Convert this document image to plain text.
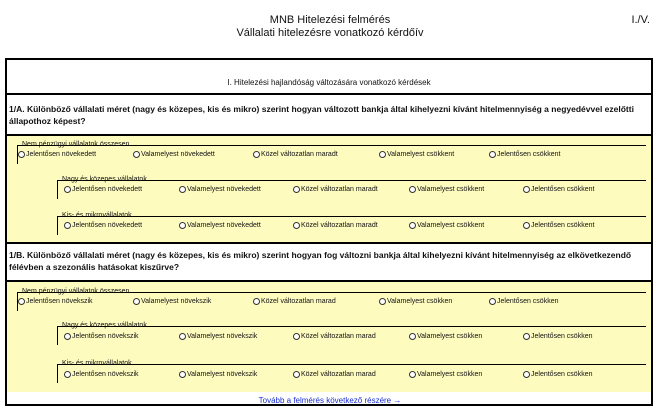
MNB Hitelezési felmérés
Vállalati hitelezésre vonatkozó kérdőív
I./V.
I. Hitelezési hajlandóság változására vonatkozó kérdések
1/A. Különböző vállalati méret (nagy és közepes, kis és mikro) szerint hogyan változott bankja által kihelyezni kívánt hitelmennyiség a negyedévvel ezelőtti állapothoz képest?
Nem pénzügyi vállalatok összesen
Jelentősen növekedett	Valamelyest növekedett	Közel változatlan maradt	Valamelyest csökkent	Jelentősen csökkent
Nagy és közepes vállalatok
Jelentősen növekedett	Valamelyest növekedett	Közel változatlan maradt	Valamelyest csökkent	Jelentősen csökkent
Kis- és mikrovállalatok
Jelentősen növekedett	Valamelyest növekedett	Közel változatlan maradt	Valamelyest csökkent	Jelentősen csökkent
1/B. Különböző vállalati méret (nagy és közepes, kis és mikro) szerint hogyan fog változni bankja által kihelyezni kívánt hitelmennyiség az elkövetkezendő félévben a szezonális hatásokat kiszűrve?
Nem pénzügyi vállalatok összesen
Jelentősen növekszik	Valamelyest növekszik	Közel változatlan marad	Valamelyest csökken	Jelentősen csökken
Nagy és közepes vállalatok
Jelentősen növekszik	Valamelyest növekszik	Közel változatlan marad	Valamelyest csökken	Jelentősen csökken
Kis- és mikrovállalatok
Jelentősen növekszik	Valamelyest növekszik	Közel változatlan marad	Valamelyest csökken	Jelentősen csökken
Tovább a felmérés következő részére →
